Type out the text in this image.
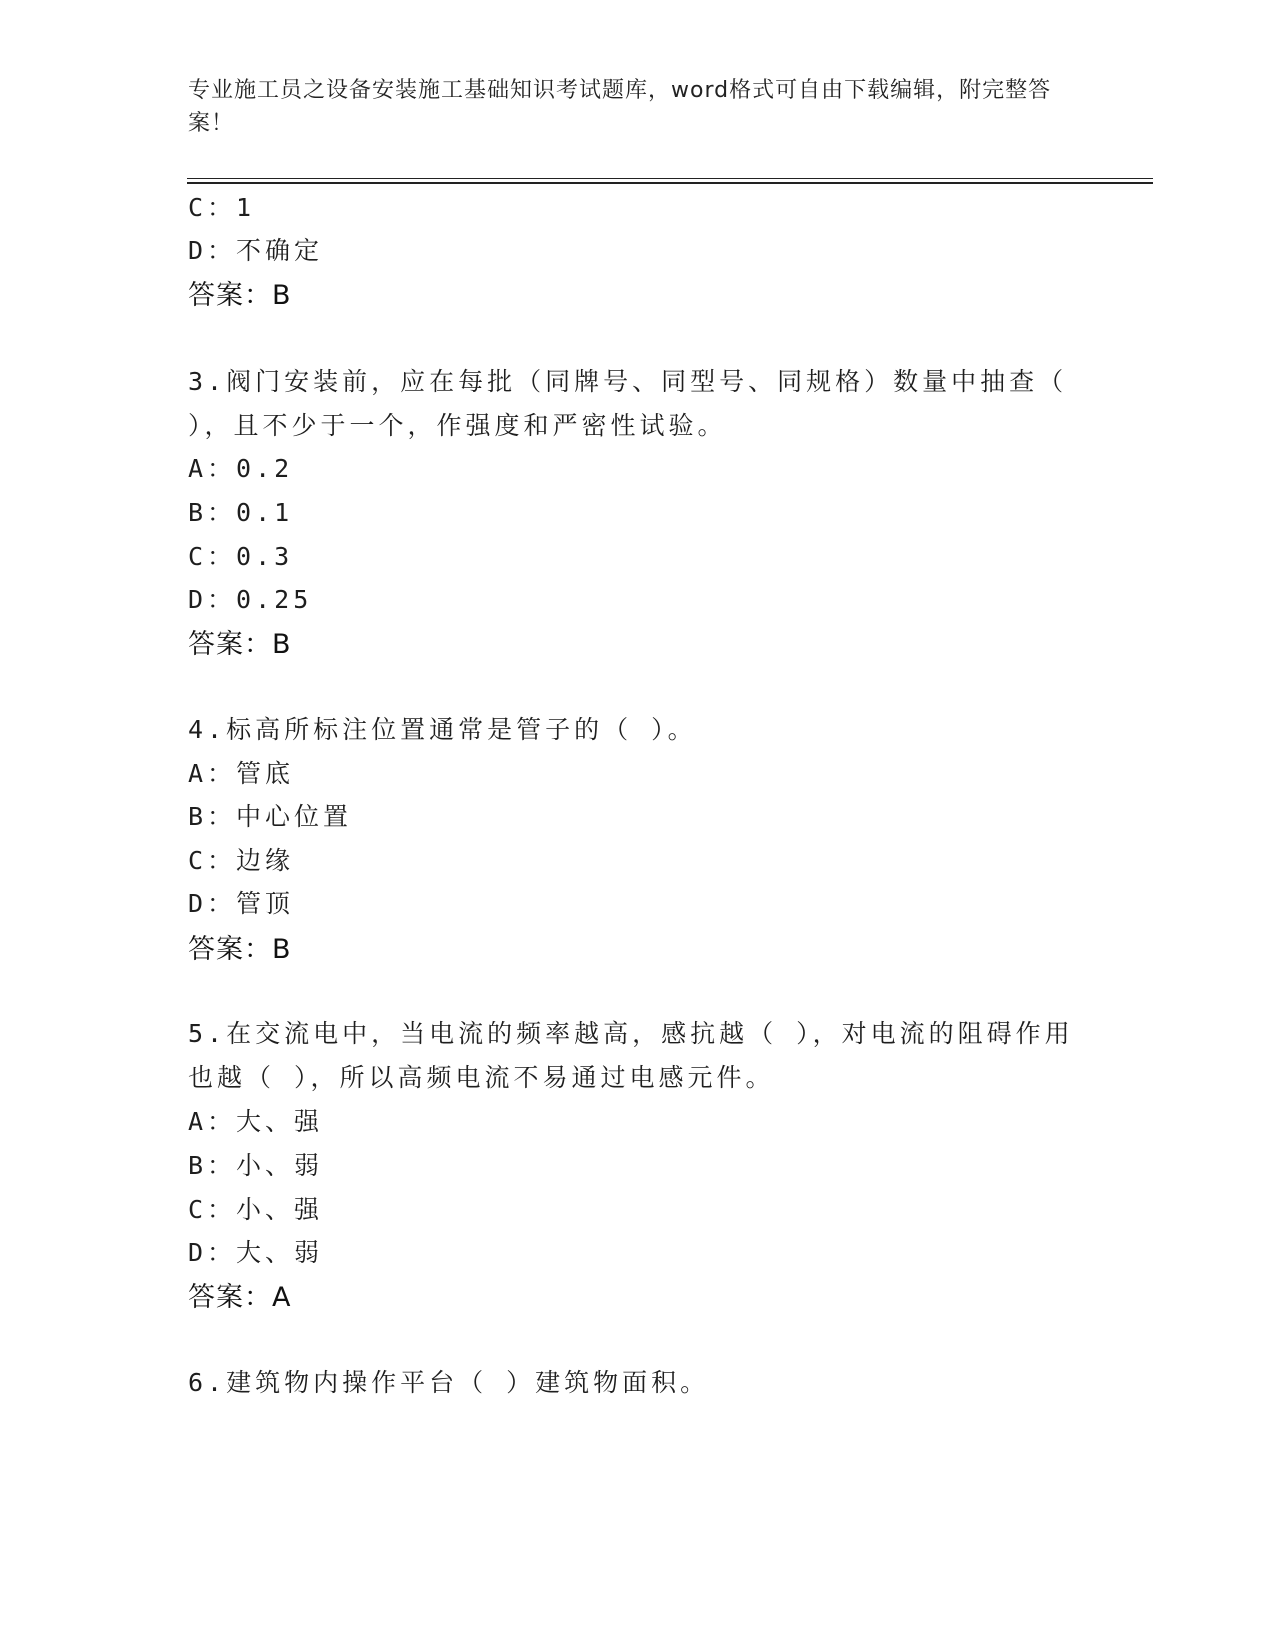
专业施工员之设备安装施工基础知识考试题库，word格式可自由下载编辑，附完整答案！
C：1
D：不确定
答案：B
3.阀门安装前，应在每批（同牌号、同型号、同规格）数量中抽查（
），且不少于一个，作强度和严密性试验。
A：0.2
B：0.1
C：0.3
D：0.25
答案：B
4.标高所标注位置通常是管子的（ ）。
A：管底
B：中心位置
C：边缘
D：管顶
答案：B
5.在交流电中，当电流的频率越高，感抗越（ ），对电流的阻碍作用
也越（ ），所以高频电流不易通过电感元件。
A：大、强
B：小、弱
C：小、强
D：大、弱
答案：A
6.建筑物内操作平台（ ）建筑物面积。
